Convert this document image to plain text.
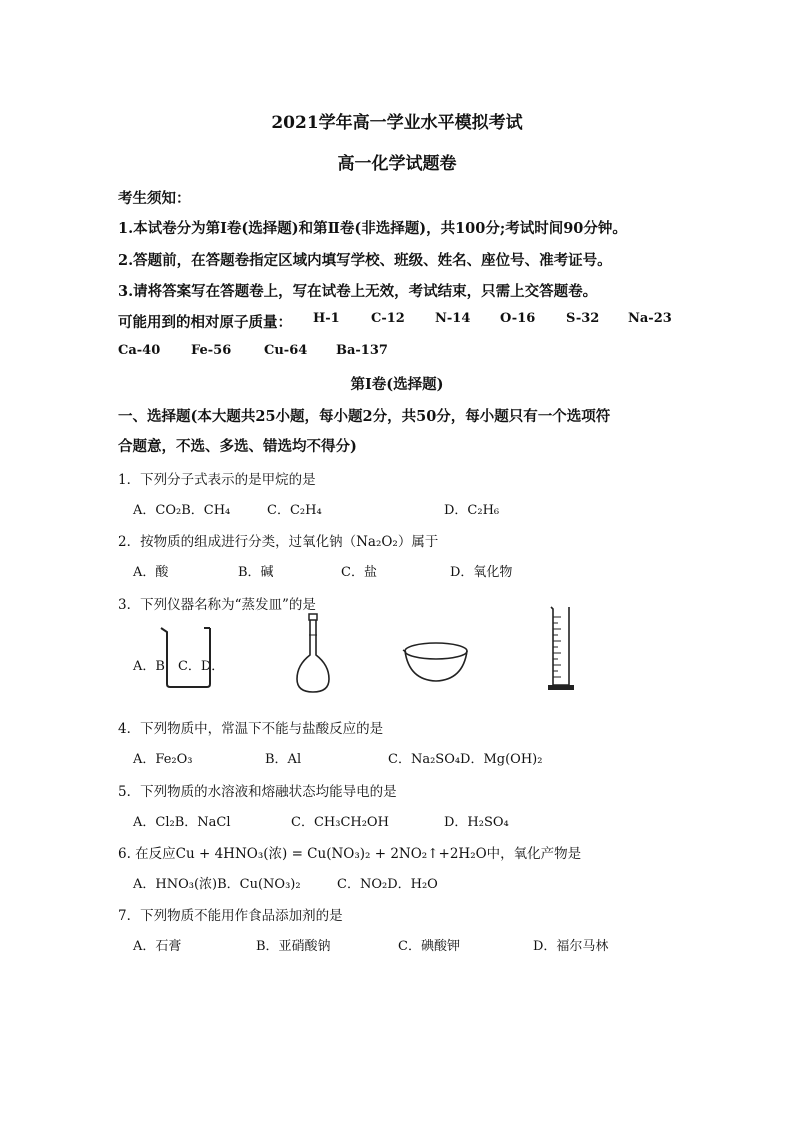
2021学年高一学业水平模拟考试
高一化学试题卷
考生须知：
1.本试卷分为第Ⅰ卷(选择题)和第Ⅱ卷(非选择题)，共100分;考试时间90分钟。
2.答题前，在答题卷指定区域内填写学校、班级、姓名、座位号、准考证号。
3.请将答案写在答题卷上，写在试卷上无效，考试结束，只需上交答题卷。
可能用到的相对原子质量： H-1 C-12 N-14 O-16 S-32 Na-23
Ca-40 Fe-56	Cu-64 Ba-137
第Ⅰ卷(选择题)
一、选择题(本大题共25小题，每小题2分，共50分，每小题只有一个选项符
合题意，不选、多选、错选均不得分)
1．下列分子式表示的是甲烷的是
A．CO₂B．CH₄	C．C₂H₄	D．C₂H₆
2．按物质的组成进行分类，过氧化钠（Na₂O₂）属于
A．酸	B．碱	C．盐	D．氧化物
3．下列仪器名称为“蒸发皿”的是
A．B．C．D．
4．下列物质中，常温下不能与盐酸反应的是
A．Fe₂O₃	B．Al	C．Na₂SO₄D．Mg(OH)₂
5．下列物质的水溶液和熔融状态均能导电的是
A．Cl₂B．NaCl	C．CH₃CH₂OH	D．H₂SO₄
6. 在反应Cu + 4HNO₃(浓) = Cu(NO₃)₂ + 2NO₂↑+2H₂O中，氧化产物是
A．HNO₃(浓)B．Cu(NO₃)₂	C．NO₂D．H₂O
7．下列物质不能用作食品添加剂的是
A．石膏	B．亚硝酸钠	C．碘酸钾	D．福尔马林
